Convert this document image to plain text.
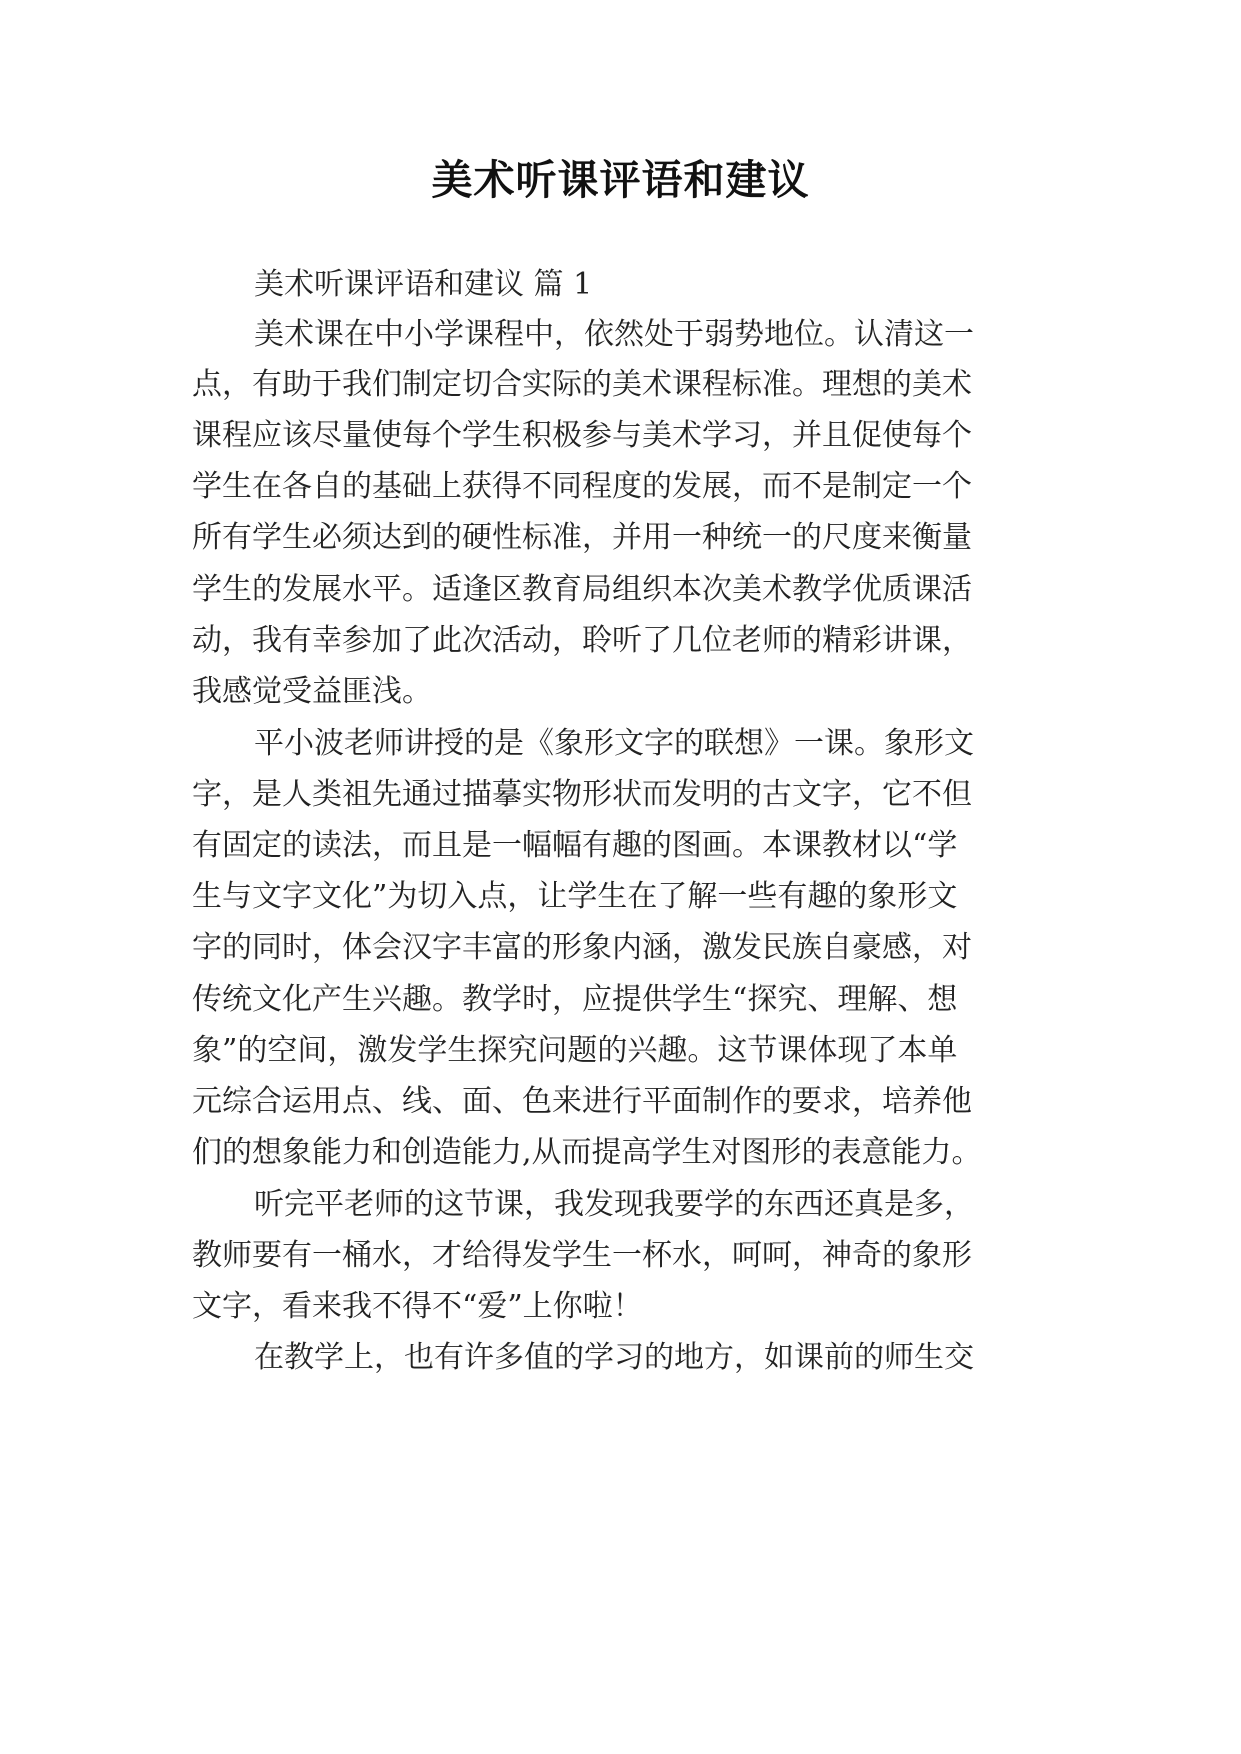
美术听课评语和建议
美术听课评语和建议 篇 1
美术课在中小学课程中，依然处于弱势地位。认清这一
点，有助于我们制定切合实际的美术课程标准。理想的美术
课程应该尽量使每个学生积极参与美术学习，并且促使每个
学生在各自的基础上获得不同程度的发展，而不是制定一个
所有学生必须达到的硬性标准，并用一种统一的尺度来衡量
学生的发展水平。适逢区教育局组织本次美术教学优质课活
动，我有幸参加了此次活动，聆听了几位老师的精彩讲课，
我感觉受益匪浅。
平小波老师讲授的是《象形文字的联想》一课。象形文
字，是人类祖先通过描摹实物形状而发明的古文字，它不但
有固定的读法，而且是一幅幅有趣的图画。本课教材以“学
生与文字文化”为切入点，让学生在了解一些有趣的象形文
字的同时，体会汉字丰富的形象内涵，激发民族自豪感，对
传统文化产生兴趣。教学时，应提供学生“探究、理解、想
象”的空间，激发学生探究问题的兴趣。这节课体现了本单
元综合运用点、线、面、色来进行平面制作的要求，培养他
们的想象能力和创造能力,从而提高学生对图形的表意能力。
听完平老师的这节课，我发现我要学的东西还真是多，
教师要有一桶水，才给得发学生一杯水，呵呵，神奇的象形
文字，看来我不得不“爱”上你啦！
在教学上，也有许多值的学习的地方，如课前的师生交
